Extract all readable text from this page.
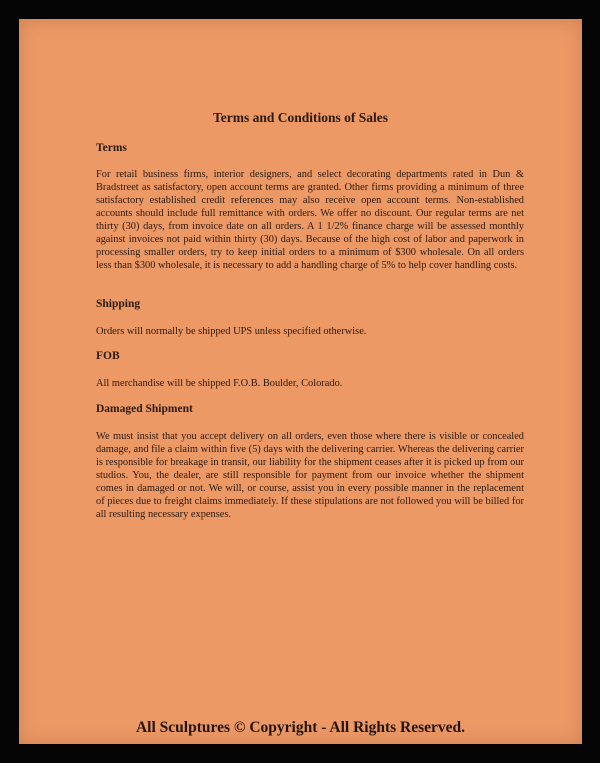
Terms and Conditions of Sales
Terms
For retail business firms, interior designers, and select decorating departments rated in Dun & Bradstreet as satisfactory, open account terms are granted. Other firms providing a minimum of three satisfactory established credit references may also receive open account terms. Non-established accounts should include full remittance with orders. We offer no discount. Our regular terms are net thirty (30) days, from invoice date on all orders. A 1 1/2% finance charge will be assessed monthly against invoices not paid within thirty (30) days. Because of the high cost of labor and paperwork in processing smaller orders, try to keep initial orders to a minimum of $300 wholesale. On all orders less than $300 wholesale, it is necessary to add a handling charge of 5% to help cover handling costs.
Shipping
Orders will normally be shipped UPS unless specified otherwise.
FOB
All merchandise will be shipped F.O.B. Boulder, Colorado.
Damaged Shipment
We must insist that you accept delivery on all orders, even those where there is visible or concealed damage, and file a claim within five (5) days with the delivering carrier. Whereas the delivering carrier is responsible for breakage in transit, our liability for the shipment ceases after it is picked up from our studios. You, the dealer, are still responsible for payment from our invoice whether the shipment comes in damaged or not. We will, or course, assist you in every possible manner in the replacement of pieces due to freight claims immediately. If these stipulations are not followed you will be billed for all resulting necessary expenses.
All Sculptures © Copyright - All Rights Reserved.
